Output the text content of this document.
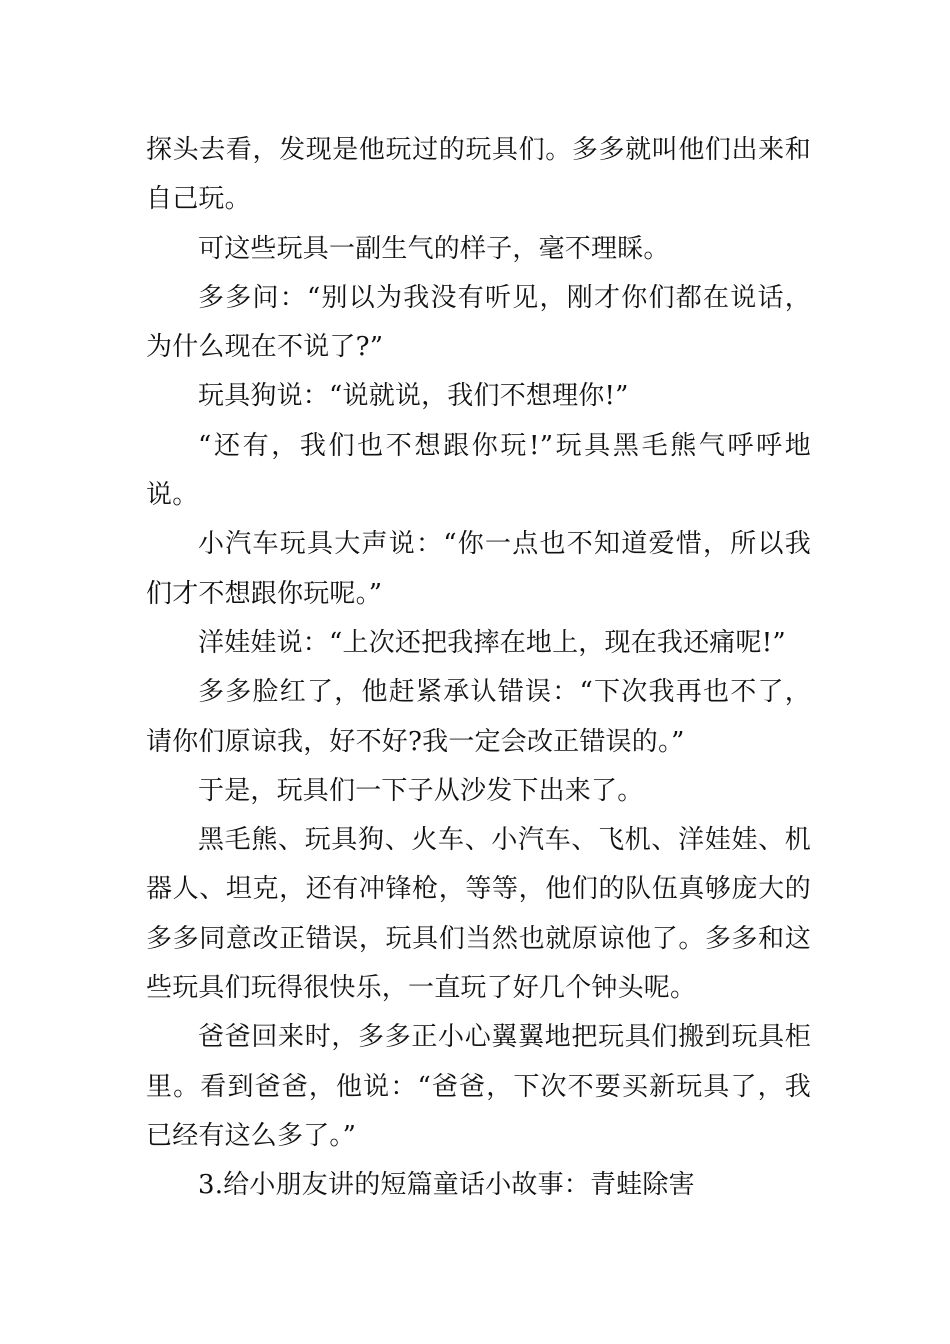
探头去看，发现是他玩过的玩具们。多多就叫他们出来和自己玩。

可这些玩具一副生气的样子，毫不理睬。

多多问：“别以为我没有听见，刚才你们都在说话，为什么现在不说了?”

玩具狗说：“说就说，我们不想理你!”

“还有，我们也不想跟你玩!”玩具黑毛熊气呼呼地说。

小汽车玩具大声说：“你一点也不知道爱惜，所以我们才不想跟你玩呢。”

洋娃娃说：“上次还把我摔在地上，现在我还痛呢!”

多多脸红了，他赶紧承认错误：“下次我再也不了，请你们原谅我，好不好?我一定会改正错误的。”

于是，玩具们一下子从沙发下出来了。

黑毛熊、玩具狗、火车、小汽车、飞机、洋娃娃、机器人、坦克，还有冲锋枪，等等，他们的队伍真够庞大的多多同意改正错误，玩具们当然也就原谅他了。多多和这些玩具们玩得很快乐，一直玩了好几个钟头呢。

爸爸回来时，多多正小心翼翼地把玩具们搬到玩具柜里。看到爸爸，他说：“爸爸，下次不要买新玩具了，我已经有这么多了。”

3.给小朋友讲的短篇童话小故事：青蛙除害
